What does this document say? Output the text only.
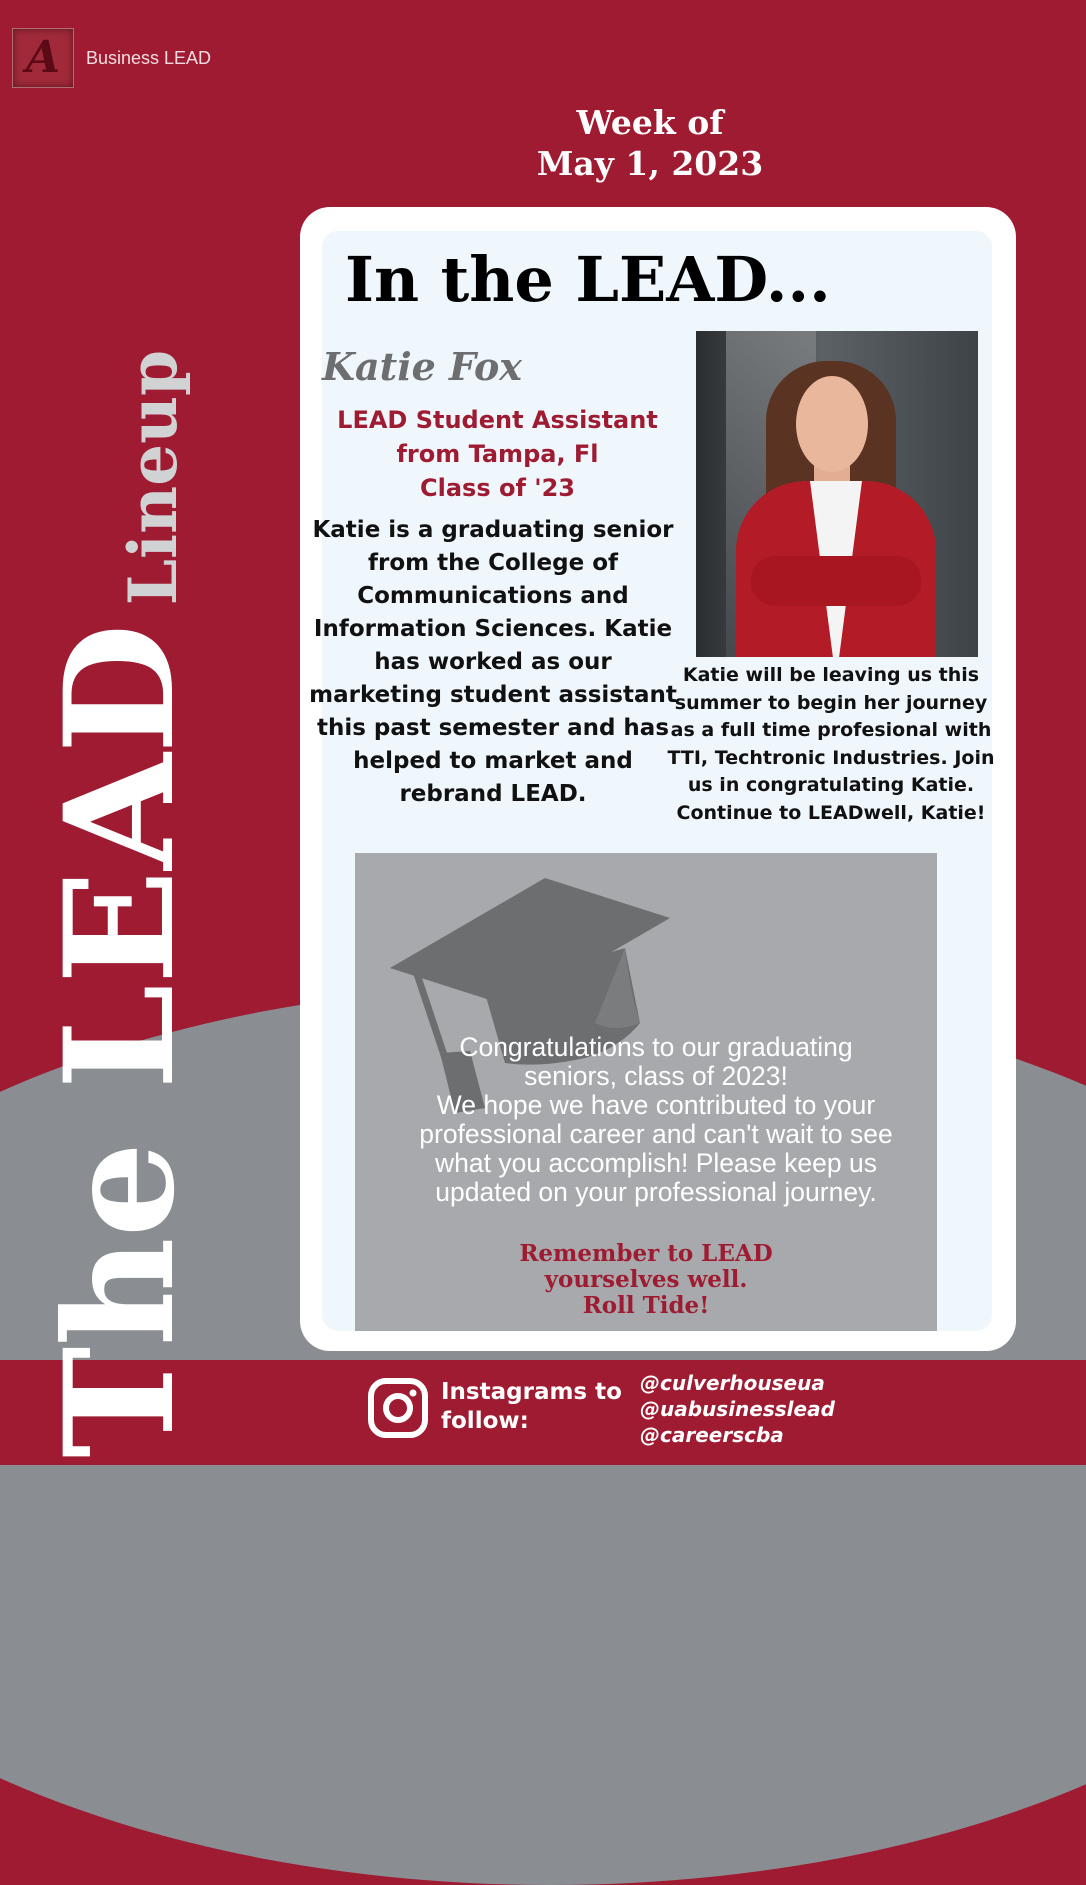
A	Business LEAD
The LEAD
Lineup
Week of
May 1, 2023
In the LEAD...
Katie Fox
LEAD Student Assistant
from Tampa, Fl
Class of '23
Katie is a graduating senior from the College of Communications and Information Sciences. Katie has worked as our marketing student assistant this past semester and has helped to market and rebrand LEAD.
Katie will be leaving us this summer to begin her journey as a full time profesional with TTI, Techtronic Industries. Join us in congratulating Katie. Continue to LEADwell, Katie!
Congratulations to our graduating
seniors, class of 2023!
We hope we have contributed to your
professional career and can't wait to see
what you accomplish! Please keep us
updated on your professional journey.
Remember to LEAD
yourselves well.
Roll Tide!
Instagrams to
follow:
@culverhouseua
@uabusinesslead
@careerscba
